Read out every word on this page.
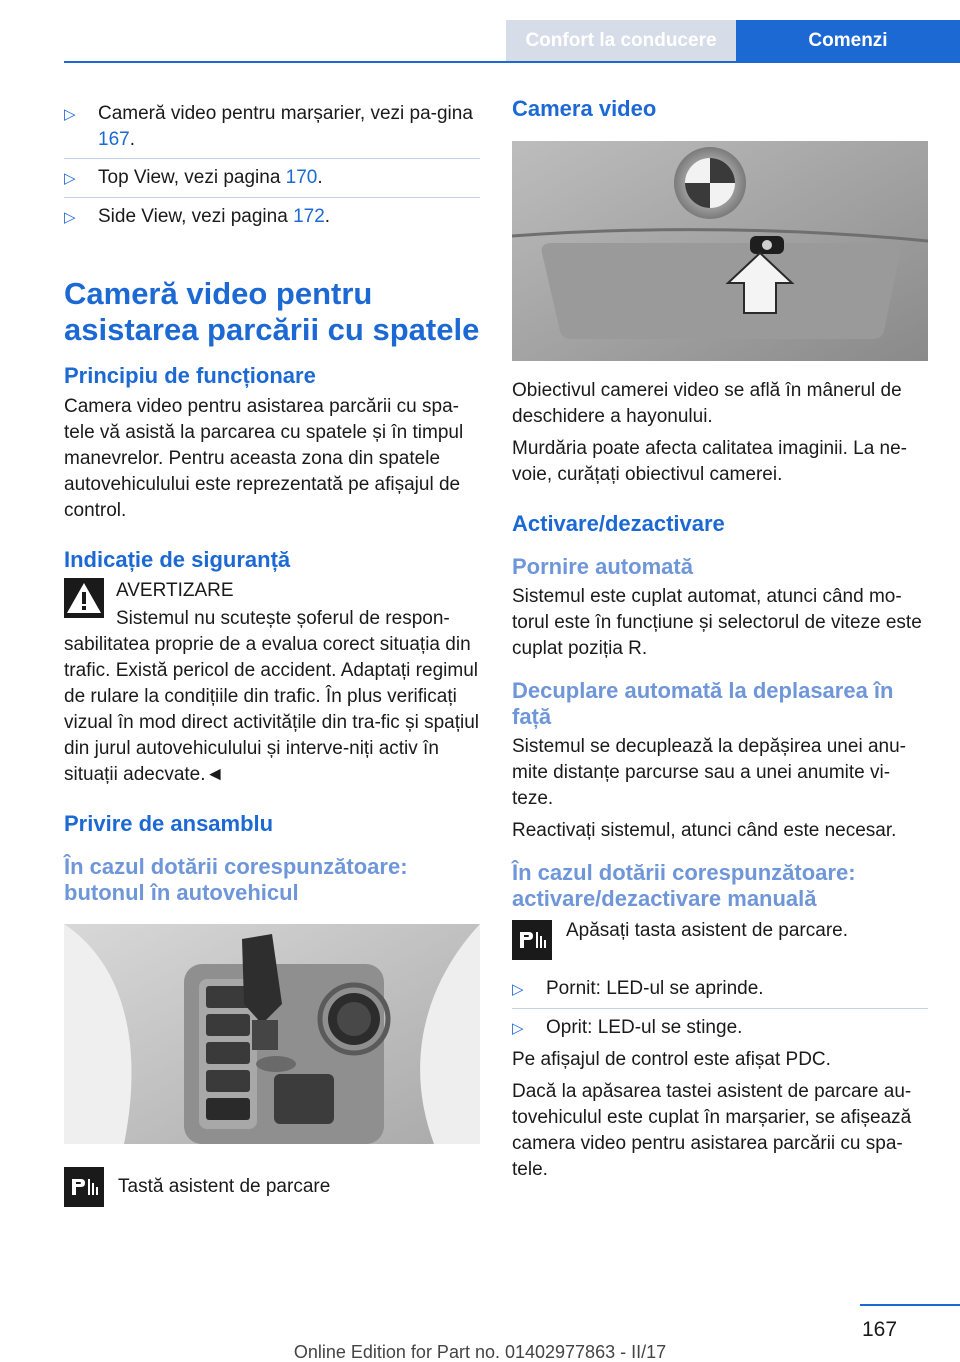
Confort la conducere	Comenzi
▷	Cameră video pentru marșarier, vezi pa-gina 167.
▷	Top View, vezi pagina 170.
▷	Side View, vezi pagina 172.
Cameră video pentru asistarea parcării cu spatele
Principiu de funcționare
Camera video pentru asistarea parcării cu spa-tele vă asistă la parcarea cu spatele și în timpul manevrelor. Pentru aceasta zona din spatele autovehiculului este reprezentată pe afișajul de control.
Indicație de siguranță
AVERTIZARE
Sistemul nu scutește șoferul de respon-
sabilitatea proprie de a evalua corect situația din trafic. Există pericol de accident. Adaptați regimul de rulare la condițiile din trafic. În plus verificați vizual în mod direct activitățile din tra-fic și spațiul din jurul autovehiculului și interve-niți activ în situații adecvate.◄
Privire de ansamblu
În cazul dotării corespunzătoare: butonul în autovehicul
Tastă asistent de parcare
Camera video
Obiectivul camerei video se află în mânerul de deschidere a hayonului.
Murdăria poate afecta calitatea imaginii. La ne-voie, curățați obiectivul camerei.
Activare/dezactivare
Pornire automată
Sistemul este cuplat automat, atunci când mo-torul este în funcțiune și selectorul de viteze este cuplat poziția R.
Decuplare automată la deplasarea în față
Sistemul se decuplează la depășirea unei anu-mite distanțe parcurse sau a unei anumite vi-teze.
Reactivați sistemul, atunci când este necesar.
În cazul dotării corespunzătoare: activare/dezactivare manuală
Apăsați tasta asistent de parcare.
▷	Pornit: LED-ul se aprinde.
▷	Oprit: LED-ul se stinge.
Pe afișajul de control este afișat PDC.
Dacă la apăsarea tastei asistent de parcare au-tovehiculul este cuplat în marșarier, se afișează camera video pentru asistarea parcării cu spa-tele.
167
Online Edition for Part no. 01402977863 - II/17
